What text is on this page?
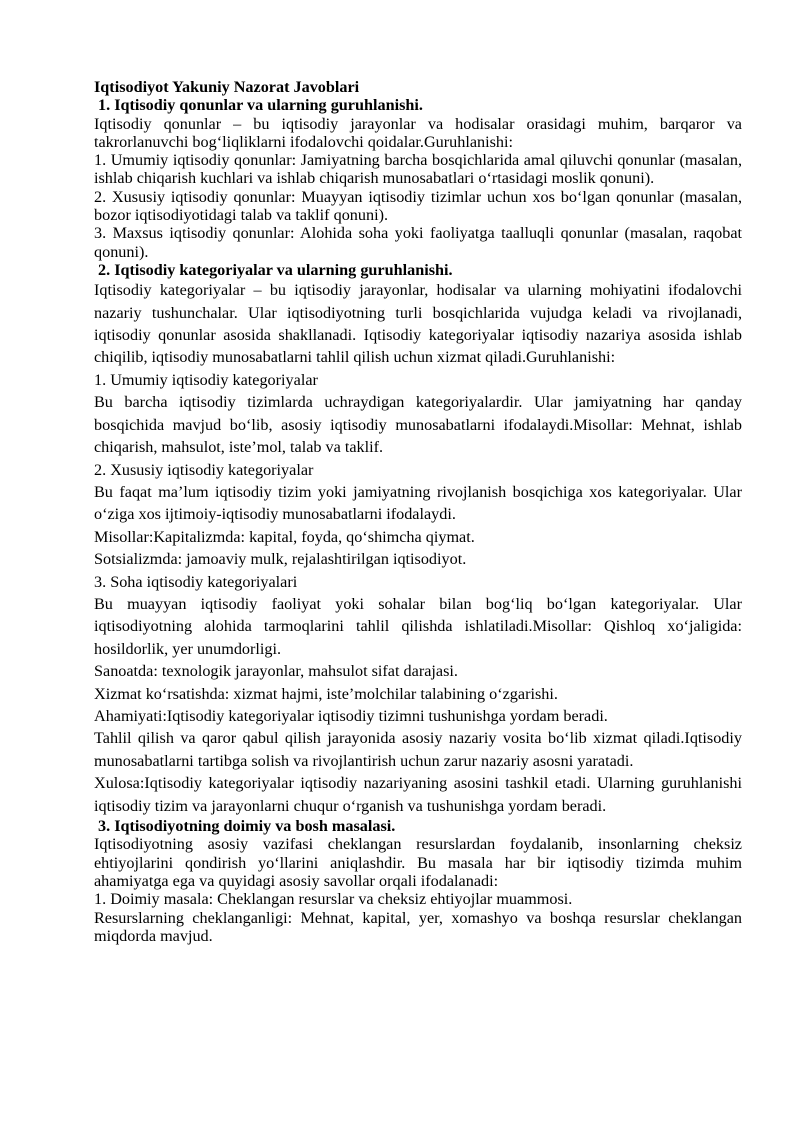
Iqtisodiyot Yakuniy Nazorat Javoblari

1. Iqtisodiy qonunlar va ularning guruhlanishi.

Iqtisodiy qonunlar – bu iqtisodiy jarayonlar va hodisalar orasidagi muhim, barqaror va takrorlanuvchi bog‘liqliklarni ifodalovchi qoidalar.Guruhlanishi:

1. Umumiy iqtisodiy qonunlar: Jamiyatning barcha bosqichlarida amal qiluvchi qonunlar (masalan, ishlab chiqarish kuchlari va ishlab chiqarish munosabatlari o‘rtasidagi moslik qonuni).

2. Xususiy iqtisodiy qonunlar: Muayyan iqtisodiy tizimlar uchun xos bo‘lgan qonunlar (masalan, bozor iqtisodiyotidagi talab va taklif qonuni).

3. Maxsus iqtisodiy qonunlar: Alohida soha yoki faoliyatga taalluqli qonunlar (masalan, raqobat qonuni).

2. Iqtisodiy kategoriyalar va ularning guruhlanishi.

Iqtisodiy kategoriyalar – bu iqtisodiy jarayonlar, hodisalar va ularning mohiyatini ifodalovchi nazariy tushunchalar. Ular iqtisodiyotning turli bosqichlarida vujudga keladi va rivojlanadi, iqtisodiy qonunlar asosida shakllanadi. Iqtisodiy kategoriyalar iqtisodiy nazariya asosida ishlab chiqilib, iqtisodiy munosabatlarni tahlil qilish uchun xizmat qiladi.Guruhlanishi:

1. Umumiy iqtisodiy kategoriyalar

Bu barcha iqtisodiy tizimlarda uchraydigan kategoriyalardir. Ular jamiyatning har qanday bosqichida mavjud bo‘lib, asosiy iqtisodiy munosabatlarni ifodalaydi.Misollar: Mehnat, ishlab chiqarish, mahsulot, iste’mol, talab va taklif.

2. Xususiy iqtisodiy kategoriyalar

Bu faqat ma’lum iqtisodiy tizim yoki jamiyatning rivojlanish bosqichiga xos kategoriyalar. Ular o‘ziga xos ijtimoiy-iqtisodiy munosabatlarni ifodalaydi.

Misollar:Kapitalizmda: kapital, foyda, qo‘shimcha qiymat.

Sotsializmda: jamoaviy mulk, rejalashtirilgan iqtisodiyot.

3. Soha iqtisodiy kategoriyalari

Bu muayyan iqtisodiy faoliyat yoki sohalar bilan bog‘liq bo‘lgan kategoriyalar. Ular iqtisodiyotning alohida tarmoqlarini tahlil qilishda ishlatiladi.Misollar: Qishloq xo‘jaligida: hosildorlik, yer unumdorligi.

Sanoatda: texnologik jarayonlar, mahsulot sifat darajasi.

Xizmat ko‘rsatishda: xizmat hajmi, iste’molchilar talabining o‘zgarishi.

Ahamiyati:Iqtisodiy kategoriyalar iqtisodiy tizimni tushunishga yordam beradi.

Tahlil qilish va qaror qabul qilish jarayonida asosiy nazariy vosita bo‘lib xizmat qiladi.Iqtisodiy munosabatlarni tartibga solish va rivojlantirish uchun zarur nazariy asosni yaratadi.

Xulosa:Iqtisodiy kategoriyalar iqtisodiy nazariyaning asosini tashkil etadi. Ularning guruhlanishi iqtisodiy tizim va jarayonlarni chuqur o‘rganish va tushunishga yordam beradi.

3. Iqtisodiyotning doimiy va bosh masalasi.

Iqtisodiyotning asosiy vazifasi cheklangan resurslardan foydalanib, insonlarning cheksiz ehtiyojlarini qondirish yo‘llarini aniqlashdir. Bu masala har bir iqtisodiy tizimda muhim ahamiyatga ega va quyidagi asosiy savollar orqali ifodalanadi:

1. Doimiy masala: Cheklangan resurslar va cheksiz ehtiyojlar muammosi.

Resurslarning cheklanganligi: Mehnat, kapital, yer, xomashyo va boshqa resurslar cheklangan miqdorda mavjud.
